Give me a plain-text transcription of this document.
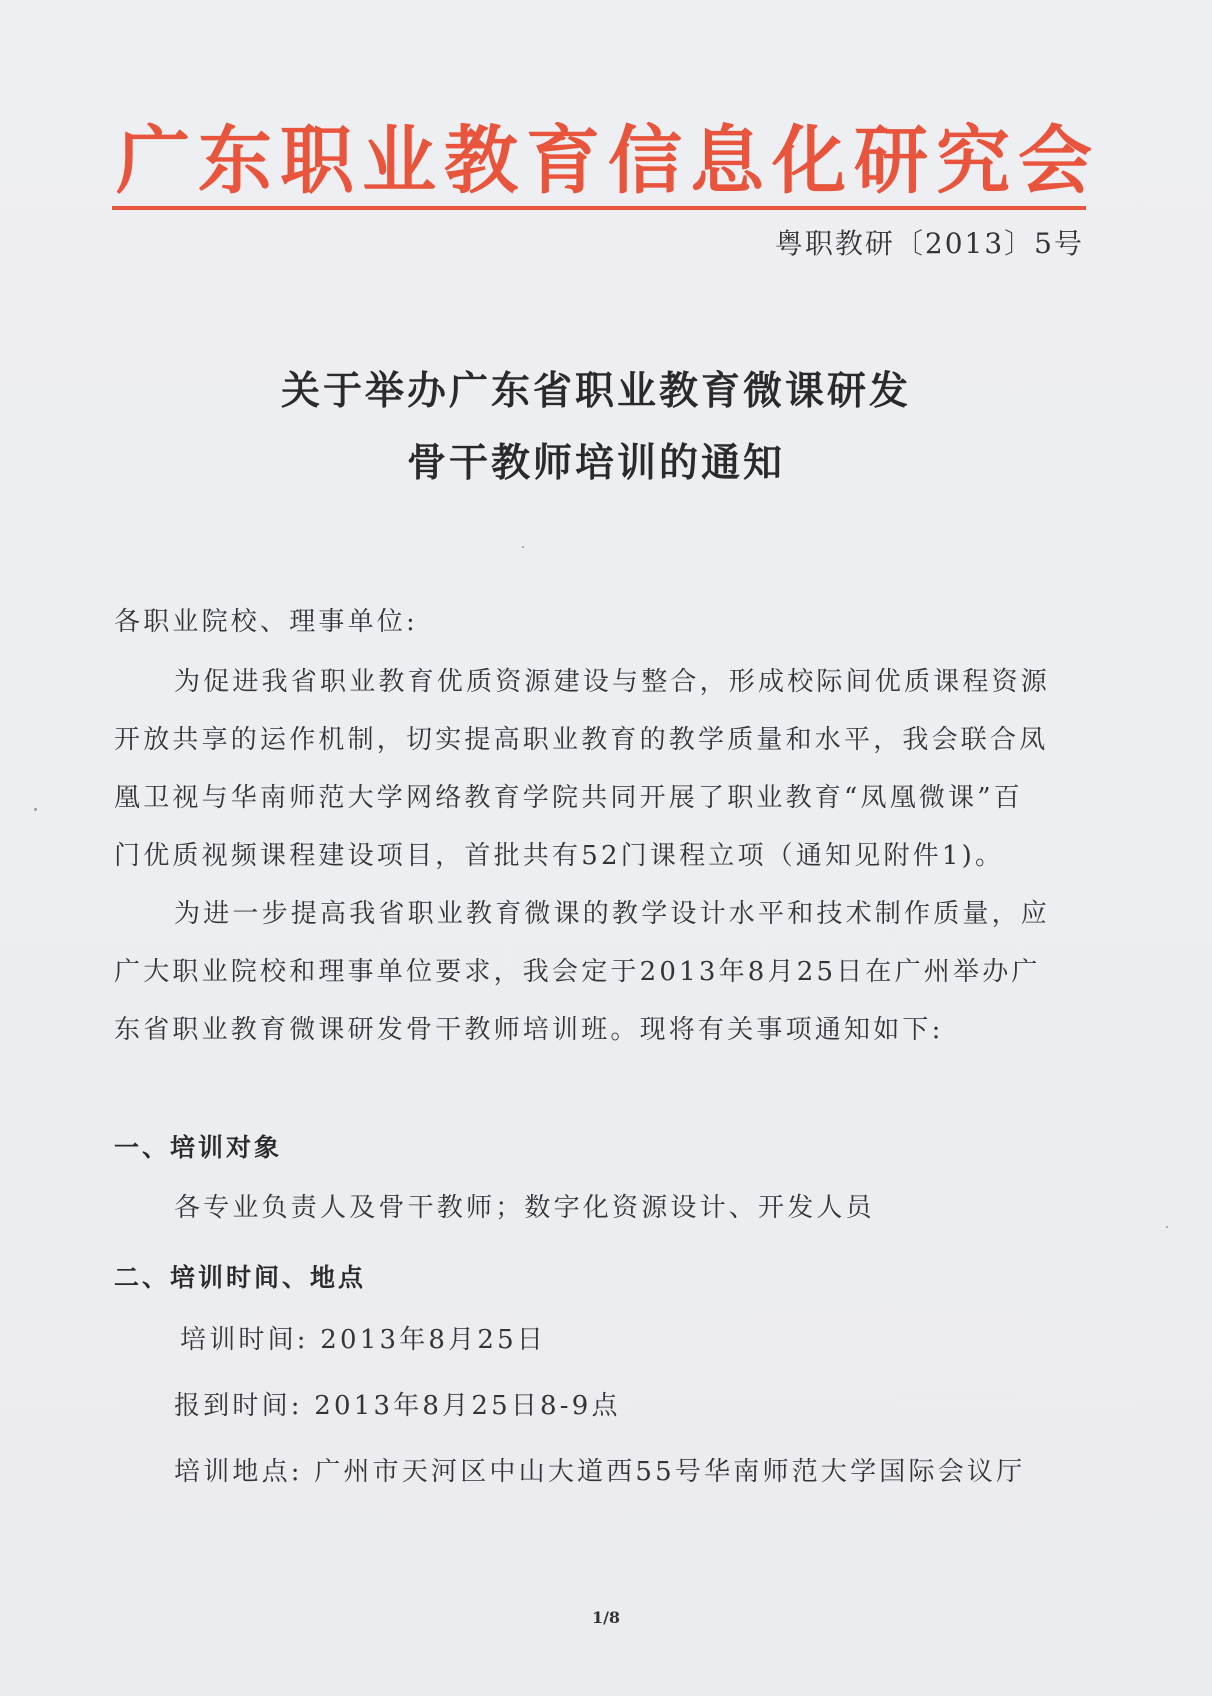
广东职业教育信息化研究会
粤职教研〔2013〕5号
关于举办广东省职业教育微课研发
骨干教师培训的通知
各职业院校、理事单位:
为促进我省职业教育优质资源建设与整合，形成校际间优质课程资源
开放共享的运作机制，切实提高职业教育的教学质量和水平，我会联合凤
凰卫视与华南师范大学网络教育学院共同开展了职业教育“凤凰微课”百
门优质视频课程建设项目，首批共有52门课程立项（通知见附件1)。
为进一步提高我省职业教育微课的教学设计水平和技术制作质量，应
广大职业院校和理事单位要求，我会定于2013年8月25日在广州举办广
东省职业教育微课研发骨干教师培训班。现将有关事项通知如下:
一、培训对象
各专业负责人及骨干教师；数字化资源设计、开发人员
二、培训时间、地点
培训时间: 2013年8月25日
报到时间: 2013年8月25日8-9点
培训地点: 广州市天河区中山大道西55号华南师范大学国际会议厅
1/8
